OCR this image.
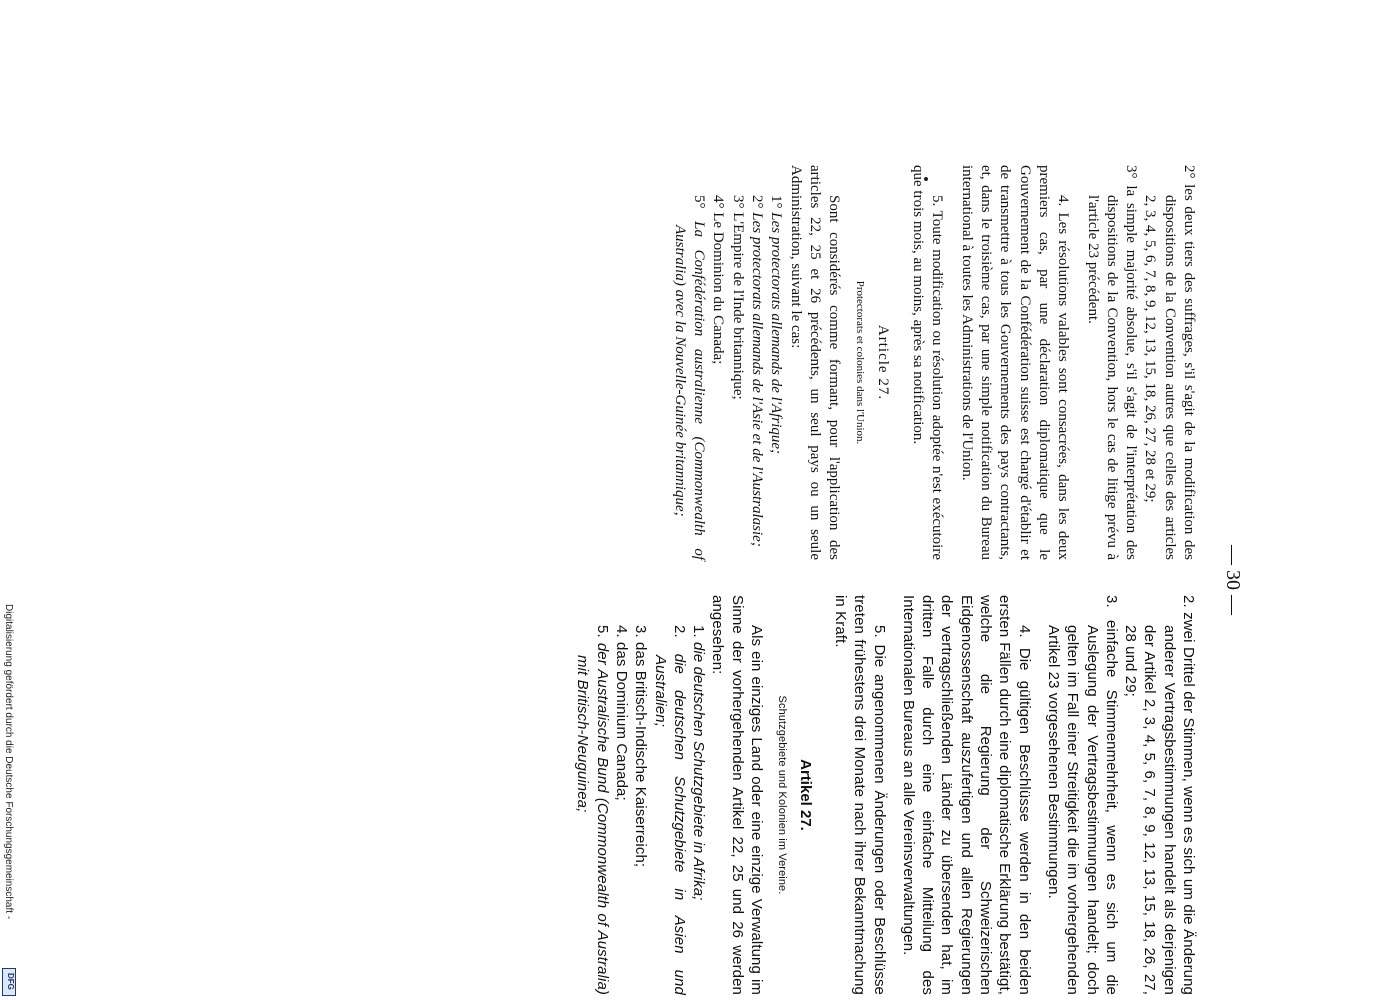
— 30 —

2° les deux tiers des suffrages, s'il s'agit de la modification des dispositions de la Convention autres que celles des articles 2, 3, 4, 5, 6, 7, 8, 9, 12, 13, 15, 18, 26, 27, 28 et 29;

3° la simple majorité absolue, s'il s'agit de l'interprétation des dispositions de la Convention, hors le cas de litige prévu à l'article 23 précédent.

4. Les résolutions valables sont consacrées, dans les deux premiers cas, par une déclaration diplomatique que le Gouvernement de la Confédération suisse est chargé d'établir et de transmettre à tous les Gouvernements des pays contractants, et, dans le troisième cas, par une simple notification du Bureau international à toutes les Administrations de l'Union.

5. Toute modification ou résolution adoptée n'est exécutoire que trois mois, au moins, après sa notification.

Article 27.

Protectorats et colonies dans l'Union.

Sont considérés comme formant, pour l'application des articles 22, 25 et 26 précédents, un seul pays ou un seule Administration, suivant le cas:

1° Les protectorats allemands de l'Afrique;

2° Les protectorats allemands de l'Asie et de l'Australasie;

3° L'Empire de l'Inde britannique;

4° Le Dominion du Canada;

5° La Confédération australienne (Commonwealth of Australia) avec la Nouvelle-Guinée britannique;

2. zwei Drittel der Stimmen, wenn es sich um die Änderung anderer Vertragsbestimmungen handelt als derjenigen der Artikel 2, 3, 4, 5, 6, 7, 8, 9, 12, 13, 15, 18, 26, 27, 28 und 29;

3. einfache Stimmenmehrheit, wenn es sich um die Auslegung der Vertragsbestimmungen handelt; doch gelten im Fall einer Streitigkeit die im vorhergehenden Artikel 23 vorgesehenen Bestimmungen.

4. Die gültigen Beschlüsse werden in den beiden ersten Fällen durch eine diplomatische Erklärung bestätigt, welche die Regierung der Schweizerischen Eidgenossenschaft auszufertigen und allen Regierungen der vertragschließenden Länder zu übersenden hat, im dritten Falle durch eine einfache Mitteilung des Internationalen Bureaus an alle Vereinsverwaltungen.

5. Die angenommenen Änderungen oder Beschlüsse treten frühestens drei Monate nach ihrer Bekanntmachung in Kraft.

Artikel 27.

Schutzgebiete und Kolonien im Vereine.

Als ein einziges Land oder eine einzige Verwaltung im Sinne der vorhergehenden Artikel 22, 25 und 26 werden angesehen:

1. die deutschen Schutzgebiete in Afrika;

2. die deutschen Schutzgebiete in Asien und Australien;

3. das Britisch-Indische Kaiserreich;

4. das Dominium Canada;

5. der Australische Bund (Commonwealth of Australia) mit Britisch-Neuguinea;

Digitalisierung gefördert durch die Deutsche Forschungsgemeinschaft -
DFG
